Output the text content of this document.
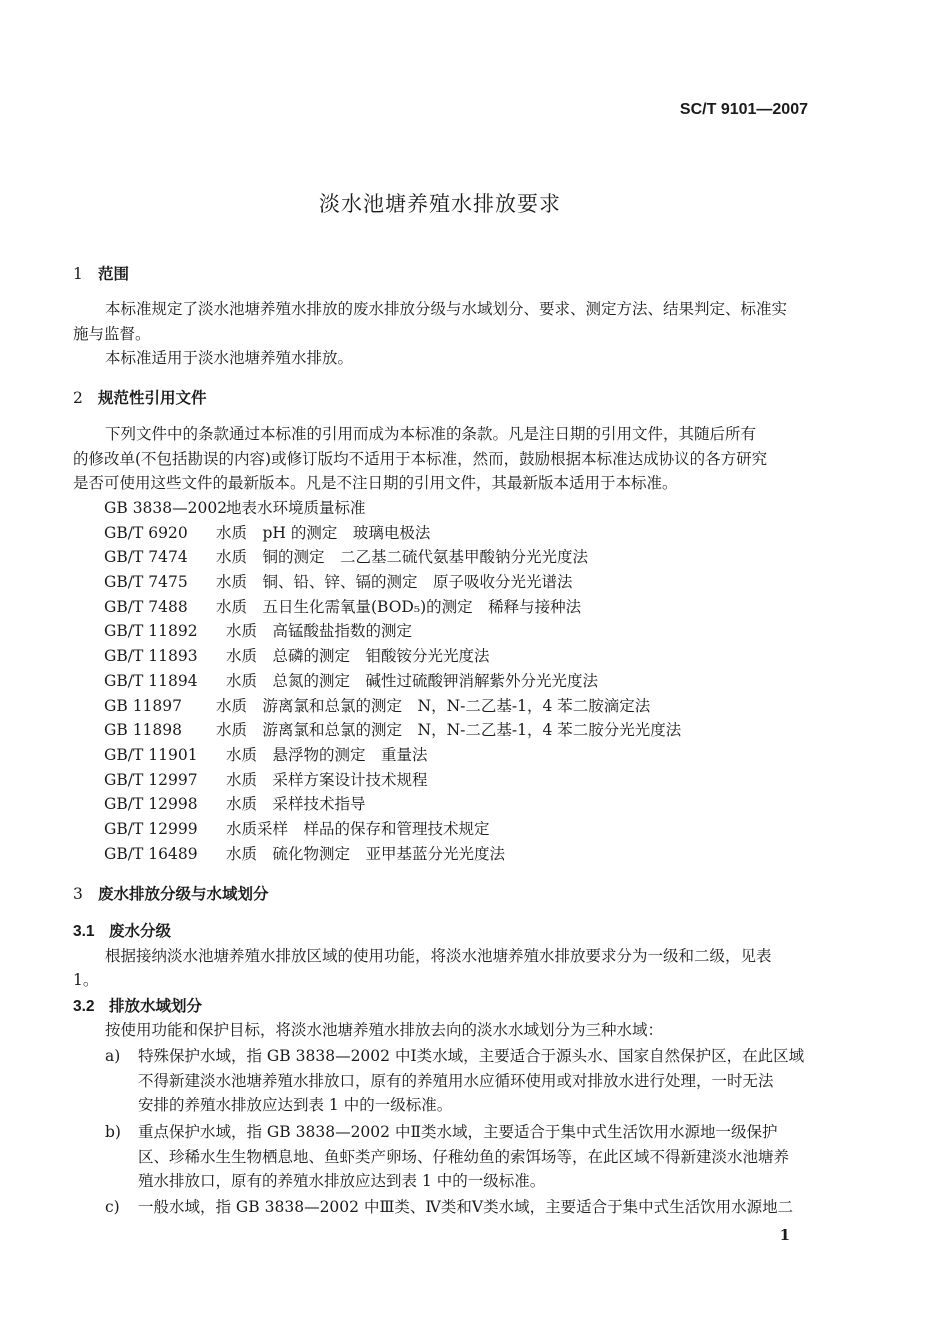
SC/T 9101—2007
淡水池塘养殖水排放要求
1 范围
本标准规定了淡水池塘养殖水排放的废水排放分级与水域划分、要求、测定方法、结果判定、标准实
施与监督。
本标准适用于淡水池塘养殖水排放。
2 规范性引用文件
下列文件中的条款通过本标准的引用而成为本标准的条款。凡是注日期的引用文件，其随后所有
的修改单(不包括勘误的内容)或修订版均不适用于本标准，然而，鼓励根据本标准达成协议的各方研究
是否可使用这些文件的最新版本。凡是不注日期的引用文件，其最新版本适用于本标准。
GB 3838—2002地表水环境质量标准
GB/T 6920 水质　pH 的测定　玻璃电极法
GB/T 7474 水质　铜的测定　二乙基二硫代氨基甲酸钠分光光度法
GB/T 7475 水质　铜、铅、锌、镉的测定　原子吸收分光光谱法
GB/T 7488 水质　五日生化需氧量(BOD₅)的测定　稀释与接种法
GB/T 11892 水质　高锰酸盐指数的测定
GB/T 11893 水质　总磷的测定　钼酸铵分光光度法
GB/T 11894 水质　总氮的测定　碱性过硫酸钾消解紫外分光光度法
GB 11897 水质　游离氯和总氯的测定　N，N-二乙基-1，4 苯二胺滴定法
GB 11898 水质　游离氯和总氯的测定　N，N-二乙基-1，4 苯二胺分光光度法
GB/T 11901 水质　悬浮物的测定　重量法
GB/T 12997 水质　采样方案设计技术规程
GB/T 12998 水质　采样技术指导
GB/T 12999 水质采样　样品的保存和管理技术规定
GB/T 16489 水质　硫化物测定　亚甲基蓝分光光度法
3 废水排放分级与水域划分
3.1 废水分级
根据接纳淡水池塘养殖水排放区域的使用功能，将淡水池塘养殖水排放要求分为一级和二级，见表
1。
3.2 排放水域划分
按使用功能和保护目标，将淡水池塘养殖水排放去向的淡水水域划分为三种水域：
a) 特殊保护水域，指 GB 3838—2002 中Ⅰ类水域，主要适合于源头水、国家自然保护区，在此区域
不得新建淡水池塘养殖水排放口，原有的养殖用水应循环使用或对排放水进行处理，一时无法
安排的养殖水排放应达到表 1 中的一级标准。
b) 重点保护水域，指 GB 3838—2002 中Ⅱ类水域，主要适合于集中式生活饮用水源地一级保护
区、珍稀水生生物栖息地、鱼虾类产卵场、仔稚幼鱼的索饵场等，在此区域不得新建淡水池塘养
殖水排放口，原有的养殖水排放应达到表 1 中的一级标准。
c) 一般水域，指 GB 3838—2002 中Ⅲ类、Ⅳ类和Ⅴ类水域，主要适合于集中式生活饮用水源地二
1
